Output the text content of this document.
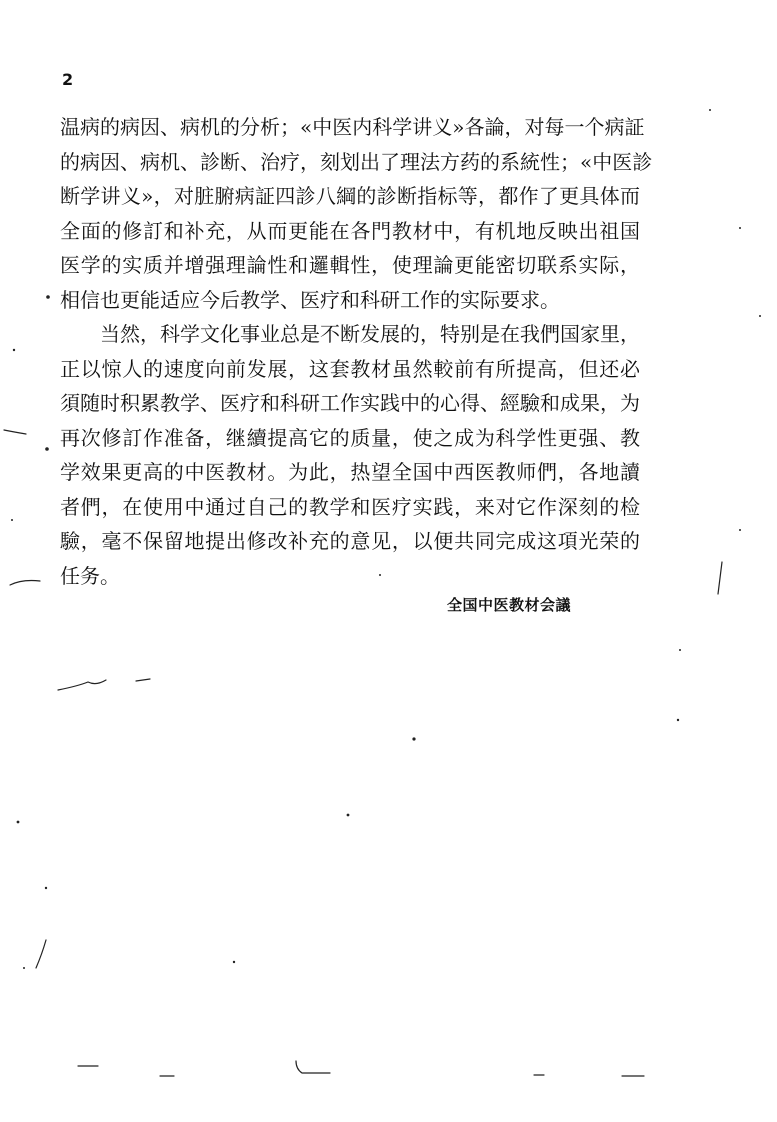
2
温病的病因、病机的分析；«中医内科学讲义»各論，对每一个病証
的病因、病机、診断、治疗，刻划出了理法方药的系統性；«中医診
断学讲义»，对脏腑病証四診八綱的診断指标等，都作了更具体而
全面的修訂和补充，从而更能在各門教材中，有机地反映出祖国
医学的实质并增强理論性和邏輯性，使理論更能密切联系实际，
相信也更能适应今后教学、医疗和科研工作的实际要求。
　　当然，科学文化事业总是不断发展的，特别是在我們国家里，
正以惊人的速度向前发展，这套教材虽然較前有所提高，但还必
須随时积累教学、医疗和科研工作实践中的心得、經驗和成果，为
再次修訂作准备，继續提高它的质量，使之成为科学性更强、教
学效果更高的中医教材。为此，热望全国中西医教师們，各地讀
者們，在使用中通过自己的教学和医疗实践，来对它作深刻的检
驗，毫不保留地提出修改补充的意见，以便共同完成这項光荣的
任务。
全国中医教材会議
